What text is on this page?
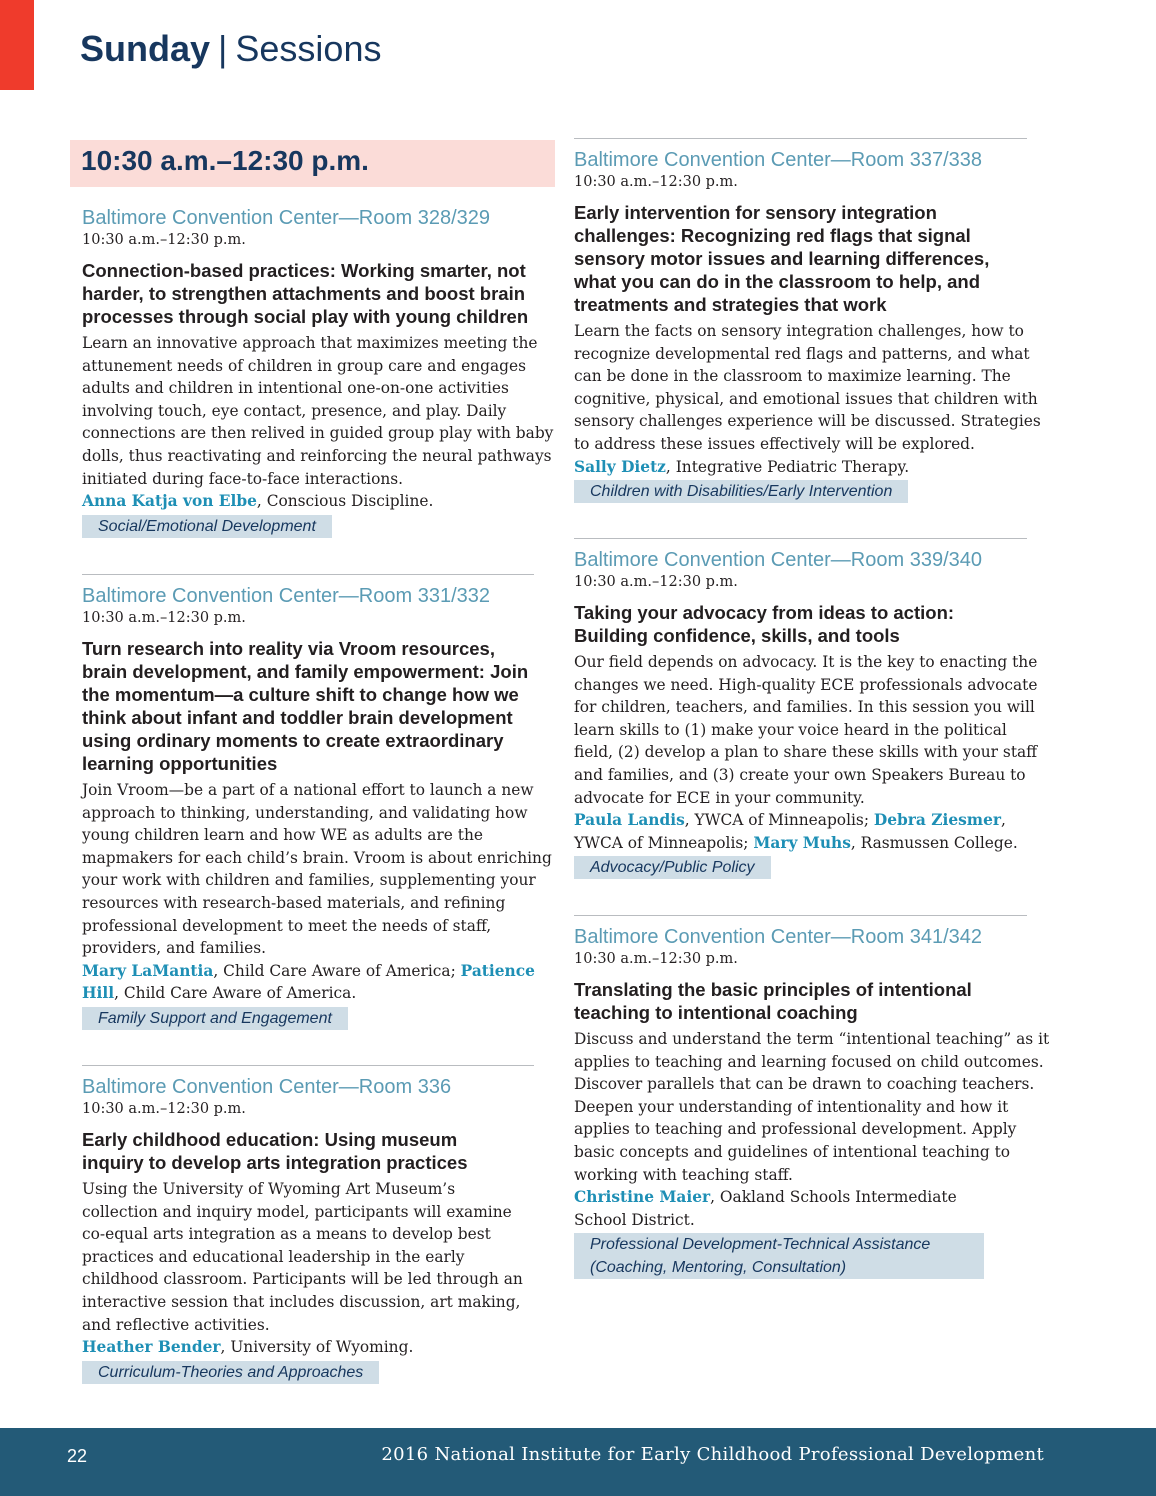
Sunday | Sessions
10:30 a.m.–12:30 p.m.
Baltimore Convention Center—Room 328/329
10:30 a.m.–12:30 p.m.
Connection-based practices: Working smarter, not harder, to strengthen attachments and boost brain processes through social play with young children
Learn an innovative approach that maximizes meeting the attunement needs of children in group care and engages adults and children in intentional one-on-one activities involving touch, eye contact, presence, and play. Daily connections are then relived in guided group play with baby dolls, thus reactivating and reinforcing the neural pathways initiated during face-to-face interactions.
Anna Katja von Elbe, Conscious Discipline.
Social/Emotional Development
Baltimore Convention Center—Room 331/332
10:30 a.m.–12:30 p.m.
Turn research into reality via Vroom resources, brain development, and family empowerment: Join the momentum—a culture shift to change how we think about infant and toddler brain development using ordinary moments to create extraordinary learning opportunities
Join Vroom—be a part of a national effort to launch a new approach to thinking, understanding, and validating how young children learn and how WE as adults are the mapmakers for each child’s brain. Vroom is about enriching your work with children and families, supplementing your resources with research-based materials, and refining professional development to meet the needs of staff, providers, and families.
Mary LaMantia, Child Care Aware of America; Patience Hill, Child Care Aware of America.
Family Support and Engagement
Baltimore Convention Center—Room 336
10:30 a.m.–12:30 p.m.
Early childhood education: Using museum inquiry to develop arts integration practices
Using the University of Wyoming Art Museum’s collection and inquiry model, participants will examine co-equal arts integration as a means to develop best practices and educational leadership in the early childhood classroom. Participants will be led through an interactive session that includes discussion, art making, and reflective activities.
Heather Bender, University of Wyoming.
Curriculum-Theories and Approaches
Baltimore Convention Center—Room 337/338
10:30 a.m.–12:30 p.m.
Early intervention for sensory integration challenges: Recognizing red flags that signal sensory motor issues and learning differences, what you can do in the classroom to help, and treatments and strategies that work
Learn the facts on sensory integration challenges, how to recognize developmental red flags and patterns, and what can be done in the classroom to maximize learning. The cognitive, physical, and emotional issues that children with sensory challenges experience will be discussed. Strategies to address these issues effectively will be explored.
Sally Dietz, Integrative Pediatric Therapy.
Children with Disabilities/Early Intervention
Baltimore Convention Center—Room 339/340
10:30 a.m.–12:30 p.m.
Taking your advocacy from ideas to action: Building confidence, skills, and tools
Our field depends on advocacy. It is the key to enacting the changes we need. High-quality ECE professionals advocate for children, teachers, and families. In this session you will learn skills to (1) make your voice heard in the political field, (2) develop a plan to share these skills with your staff and families, and (3) create your own Speakers Bureau to advocate for ECE in your community.
Paula Landis, YWCA of Minneapolis; Debra Ziesmer, YWCA of Minneapolis; Mary Muhs, Rasmussen College.
Advocacy/Public Policy
Baltimore Convention Center—Room 341/342
10:30 a.m.–12:30 p.m.
Translating the basic principles of intentional teaching to intentional coaching
Discuss and understand the term “intentional teaching” as it applies to teaching and learning focused on child outcomes. Discover parallels that can be drawn to coaching teachers. Deepen your understanding of intentionality and how it applies to teaching and professional development. Apply basic concepts and guidelines of intentional teaching to working with teaching staff.
Christine Maier, Oakland Schools Intermediate School District.
Professional Development-Technical Assistance (Coaching, Mentoring, Consultation)
22	2016 National Institute for Early Childhood Professional Development
